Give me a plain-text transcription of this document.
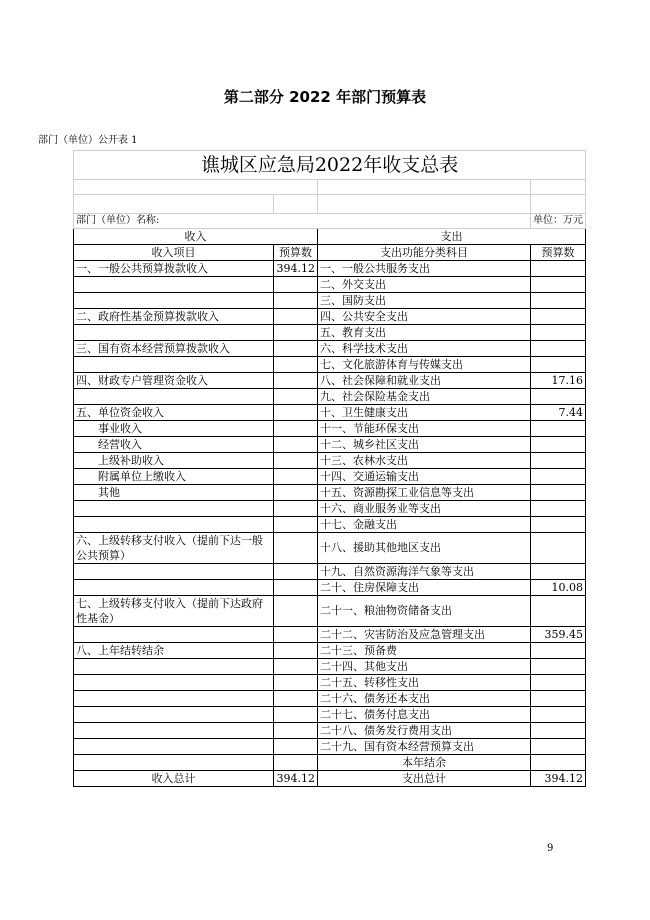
第二部分 2022 年部门预算表
部门（单位）公开表 1
谯城区应急局2022年收支总表			

部门（单位）名称:			单位：万元
收入		支出	
收入项目	预算数	支出功能分类科目	预算数
一、一般公共预算拨款收入	394.12	一、一般公共服务支出	
		二、外交支出	
		三、国防支出	
二、政府性基金预算拨款收入		四、公共安全支出	
		五、教育支出	
三、国有资本经营预算拨款收入		六、科学技术支出	
		七、文化旅游体育与传媒支出	
四、财政专户管理资金收入		八、社会保障和就业支出	17.16
		九、社会保险基金支出	
五、单位资金收入		十、卫生健康支出	7.44
事业收入		十一、节能环保支出	
经营收入		十二、城乡社区支出	
上级补助收入		十三、农林水支出	
附属单位上缴收入		十四、交通运输支出	
其他		十五、资源勘探工业信息等支出	
		十六、商业服务业等支出	
		十七、金融支出	
六、上级转移支付收入（提前下达一般公共预算）		十八、援助其他地区支出	
		十九、自然资源海洋气象等支出	
		二十、住房保障支出	10.08
七、上级转移支付收入（提前下达政府性基金）		二十一、粮油物资储备支出	
		二十二、灾害防治及应急管理支出	359.45
八、上年结转结余		二十三、预备费	
		二十四、其他支出	
		二十五、转移性支出	
		二十六、债务还本支出	
		二十七、债务付息支出	
		二十八、债务发行费用支出	
		二十九、国有资本经营预算支出	
		本年结余	
收入总计	394.12	支出总计	394.12
9
